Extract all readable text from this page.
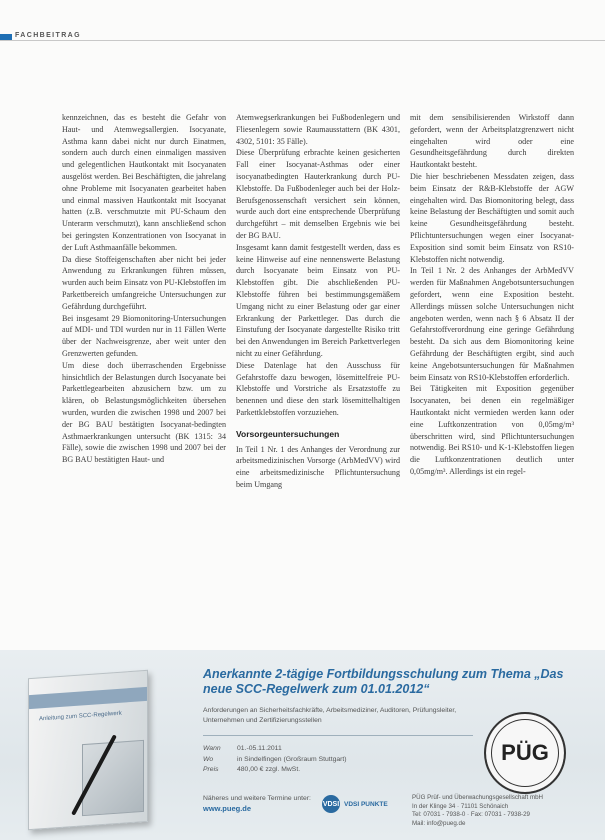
FACHBEITRAG

kennzeichnen, das es besteht die Gefahr von Haut- und Atemwegsallergien. Isocyanate, Asthma kann dabei nicht nur durch Einatmen, sondern auch durch einen einmaligen massiven und gelegentlichen Hautkontakt mit Isocyanaten ausgelöst werden. Bei Beschäftigten, die jahrelang ohne Probleme mit Isocyanaten gearbeitet haben und einmal massiven Hautkontakt mit Isocyanat hatten (z.B. verschmutzte mit PU-Schaum den Unterarm verschmutzt), kann anschließend schon bei geringsten Konzentrationen von Isocyanat in der Luft Asthmaanfälle bekommen.

Da diese Stoffeigenschaften aber nicht bei jeder Anwendung zu Erkrankungen führen müssen, wurden auch beim Einsatz von PU-Klebstoffen im Parkettbereich umfangreiche Untersuchungen zur Gefährdung durchgeführt.

Bei insgesamt 29 Biomonitoring-Untersuchungen auf MDI- und TDI wurden nur in 11 Fällen Werte über der Nachweisgrenze, aber weit unter den Grenzwerten gefunden.

Um diese doch überraschenden Ergebnisse hinsichtlich der Belastungen durch Isocyanate bei Parkettlegearbeiten abzusichern bzw. um zu klären, ob Belastungsmöglichkeiten übersehen wurden, wurden die zwischen 1998 und 2007 bei der BG BAU bestätigten Isocyanat-bedingten Asthmaerkrankungen untersucht (BK 1315: 34 Fälle), sowie die zwischen 1998 und 2007 bei der BG BAU bestätigten Haut- und

Atemwegserkrankungen bei Fußbodenlegern und Fliesenlegern sowie Raumausstattern (BK 4301, 4302, 5101: 35 Fälle).

Diese Überprüfung erbrachte keinen gesicherten Fall einer Isocyanat-Asthmas oder einer isocyanatbedingten Hauterkrankung durch PU-Klebstoffe. Da Fußbodenleger auch bei der Holz-Berufsgenossenschaft versichert sein können, wurde auch dort eine entsprechende Überprüfung durchgeführt – mit demselben Ergebnis wie bei der BG BAU.

Insgesamt kann damit festgestellt werden, dass es keine Hinweise auf eine nennenswerte Belastung durch Isocyanate beim Einsatz von PU-Klebstoffen gibt. Die abschließenden PU-Klebstoffe führen bei bestimmungsgemäßem Umgang nicht zu einer Belastung oder gar einer Erkrankung der Parkettleger. Das durch die Einstufung der Isocyanate dargestellte Risiko tritt bei den Anwendungen im Bereich Parkettverlegen nicht zu einer Gefährdung.

Diese Datenlage hat den Ausschuss für Gefahrstoffe dazu bewogen, lösemittelfreie PU-Klebstoffe und Vorstriche als Ersatzstoffe zu benennen und diese den stark lösemittelhaltigen Parkettklebstoffen vorzuziehen.

Vorsorgeuntersuchungen

In Teil 1 Nr. 1 des Anhanges der Verordnung zur arbeitsmedizinischen Vorsorge (ArbMedVV) wird eine arbeitsmedizinische Pflichtuntersuchung beim Umgang

mit dem sensibilisierenden Wirkstoff dann gefordert, wenn der Arbeitsplatzgrenzwert nicht eingehalten wird oder eine Gesundheitsgefährdung durch direkten Hautkontakt besteht.

Die hier beschriebenen Messdaten zeigen, dass beim Einsatz der R&B-Klebstoffe der AGW eingehalten wird. Das Biomonitoring belegt, dass keine Belastung der Beschäftigten und somit auch keine Gesundheitsgefährdung besteht. Pflichtuntersuchungen wegen einer Isocyanat-Exposition sind somit beim Einsatz von RS10-Klebstoffen nicht notwendig.

In Teil 1 Nr. 2 des Anhanges der ArbMedVV werden für Maßnahmen Angebotsuntersuchungen gefordert, wenn eine Exposition besteht. Allerdings müssen solche Untersuchungen nicht angeboten werden, wenn nach § 6 Absatz II der Gefahrstoffverordnung eine geringe Gefährdung besteht. Da sich aus dem Biomonitoring keine Gefährdung der Beschäftigten ergibt, sind auch keine Angebotsuntersuchungen für Maßnahmen beim Einsatz von RS10-Klebstoffen erforderlich.

Bei Tätigkeiten mit Exposition gegenüber Isocyanaten, bei denen ein regelmäßiger Hautkontakt nicht vermieden werden kann oder eine Luftkonzentration von 0,05mg/m³ überschritten wird, sind Pflichtuntersuchungen notwendig. Bei RS10- und K-1-Klebstoffen liegen die Luftkonzentrationen deutlich unter 0,05mg/m³. Allerdings ist ein regel-

Anleitung zum SCC-Regelwerk
Anerkannte 2-tägige Fortbildungsschulung zum Thema „Das neue SCC-Regelwerk zum 01.01.2012“
Anforderungen an Sicherheitsfachkräfte, Arbeitsmediziner, Auditoren, Prüfungsleiter, Unternehmen und Zertifizierungsstellen
Wann	01.-05.11.2011
Wo	in Sindelfingen (Großraum Stuttgart)
Preis	480,00 € zzgl. MwSt.
PÜG
Näheres und weitere Termine unter:
www.pueg.de	VDSI VDSI PUNKTE
PÜG Prüf- und Überwachungsgesellschaft mbH
In der Klinge 34 · 71101 Schönaich
Tel: 07031 - 7938-0 · Fax: 07031 - 7938-29
Mail: info@pueg.de
